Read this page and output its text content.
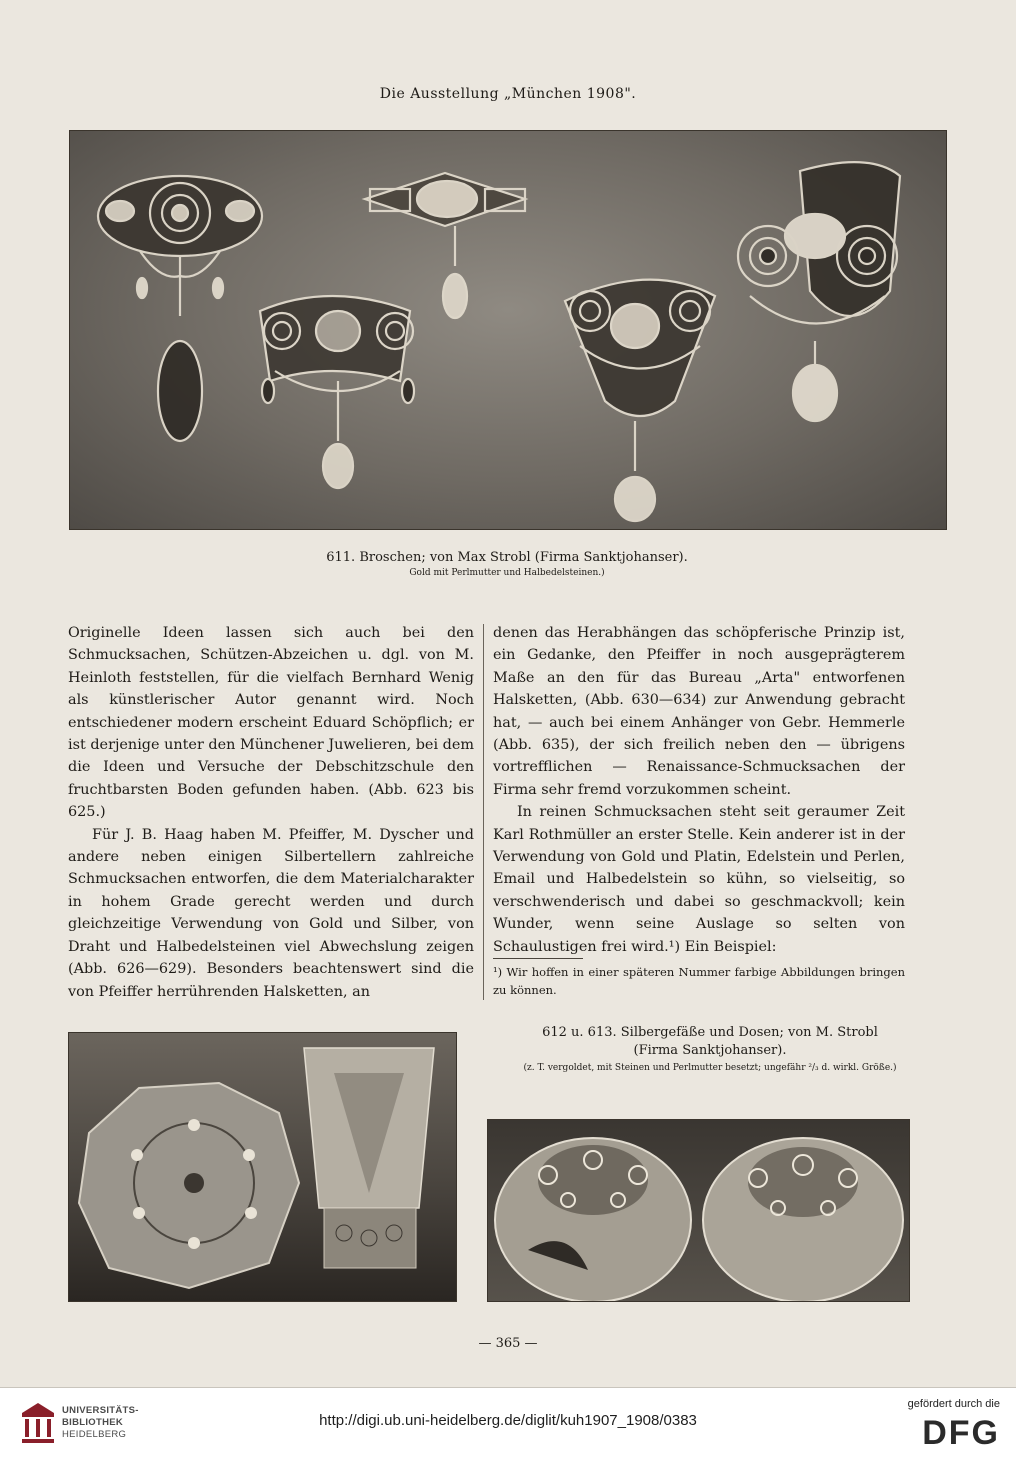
Die Ausstellung „München 1908".
611. Broschen; von Max Strobl (Firma Sanktjohanser).
Gold mit Perlmutter und Halbedelsteinen.)

Originelle Ideen lassen sich auch bei den Schmucksachen, Schützen-Abzeichen u. dgl. von M. Heinloth feststellen, für die vielfach Bernhard Wenig als künstlerischer Autor genannt wird. Noch entschiedener modern erscheint Eduard Schöpflich; er ist derjenige unter den Münchener Juwelieren, bei dem die Ideen und Versuche der Debschitzschule den fruchtbarsten Boden gefunden haben. (Abb. 623 bis 625.)

Für J. B. Haag haben M. Pfeiffer, M. Dyscher und andere neben einigen Silbertellern zahlreiche Schmucksachen entworfen, die dem Materialcharakter in hohem Grade gerecht werden und durch gleichzeitige Verwendung von Gold und Silber, von Draht und Halbedelsteinen viel Abwechslung zeigen (Abb. 626—629). Besonders beachtenswert sind die von Pfeiffer herrührenden Halsketten, an

denen das Herabhängen das schöpferische Prinzip ist, ein Gedanke, den Pfeiffer in noch ausgeprägterem Maße an den für das Bureau „Arta" entworfenen Halsketten, (Abb. 630—634) zur Anwendung gebracht hat, — auch bei einem Anhänger von Gebr. Hemmerle (Abb. 635), der sich freilich neben den — übrigens vortrefflichen — Renaissance-Schmucksachen der Firma sehr fremd vorzukommen scheint.

In reinen Schmucksachen steht seit geraumer Zeit Karl Rothmüller an erster Stelle. Kein anderer ist in der Verwendung von Gold und Platin, Edelstein und Perlen, Email und Halbedelstein so kühn, so vielseitig, so verschwenderisch und dabei so geschmackvoll; kein Wunder, wenn seine Auslage so selten von Schaulustigen frei wird.¹) Ein Beispiel:

¹) Wir hoffen in einer späteren Nummer farbige Abbildungen bringen zu können.
612 u. 613. Silbergefäße und Dosen; von M. Strobl
(Firma Sanktjohanser).
(z. T. vergoldet, mit Steinen und Perlmutter besetzt; ungefähr ²/₃ d. wirkl. Größe.)
— 365 —
UNIVERSITÄTS-
BIBLIOTHEK
HEIDELBERG
http://digi.ub.uni-heidelberg.de/diglit/kuh1907_1908/0383
gefördert durch die
DFG
